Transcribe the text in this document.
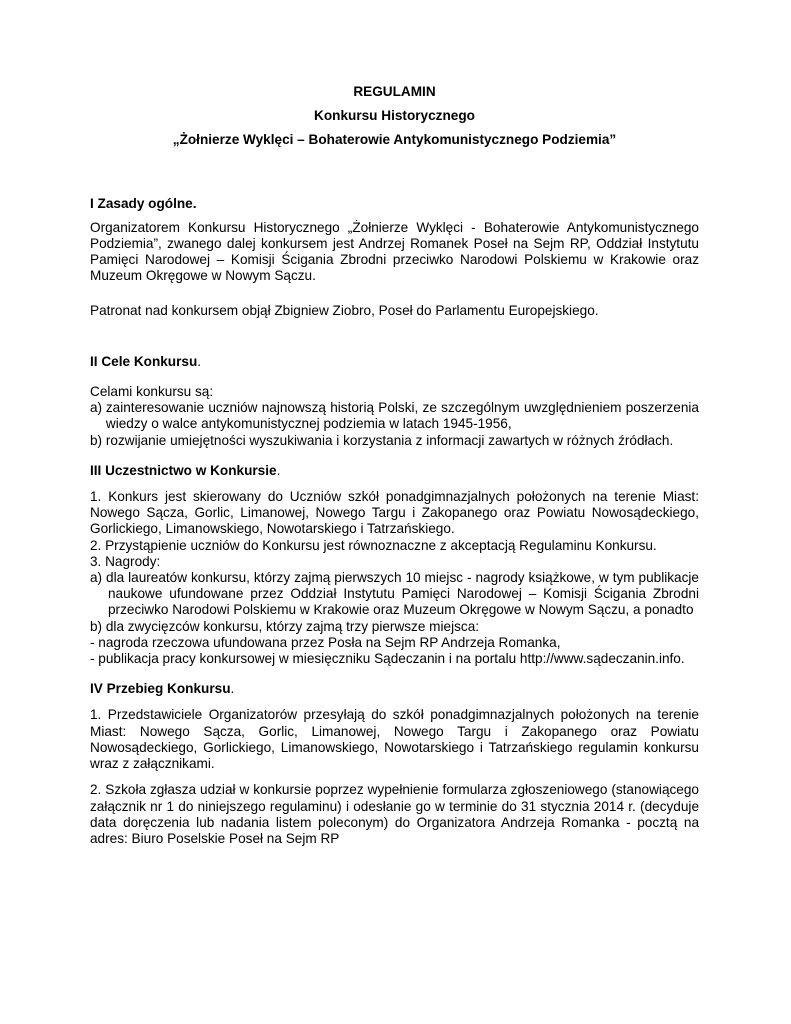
REGULAMIN
Konkursu Historycznego
„Żołnierze Wyklęci – Bohaterowie Antykomunistycznego Podziemia”
I Zasady ogólne.

Organizatorem Konkursu Historycznego „Żołnierze Wyklęci - Bohaterowie Antykomunistycznego Podziemia”, zwanego dalej konkursem jest Andrzej Romanek Poseł na Sejm RP, Oddział Instytutu Pamięci Narodowej – Komisji Ścigania Zbrodni przeciwko Narodowi Polskiemu w Krakowie oraz Muzeum Okręgowe w Nowym Sączu.

Patronat nad konkursem objął Zbigniew Ziobro, Poseł do Parlamentu Europejskiego.

II Cele Konkursu.

Celami konkursu są:

a)
zainteresowanie uczniów najnowszą historią Polski, ze szczególnym uwzględnieniem poszerzenia wiedzy o walce antykomunistycznej podziemia w latach 1945-1956,
b)
rozwijanie umiejętności wyszukiwania i korzystania z informacji zawartych w różnych źródłach.
III Uczestnictwo w Konkursie.

1. Konkurs jest skierowany do Uczniów szkół ponadgimnazjalnych położonych na terenie Miast: Nowego Sącza, Gorlic, Limanowej, Nowego Targu i Zakopanego oraz Powiatu Nowosądeckiego, Gorlickiego, Limanowskiego, Nowotarskiego i Tatrzańskiego.

2. Przystąpienie uczniów do Konkursu jest równoznaczne z akceptacją Regulaminu Konkursu.

3. Nagrody:

a) dla laureatów konkursu, którzy zajmą pierwszych 10 miejsc - nagrody książkowe, w tym publikacje naukowe ufundowane przez Oddział Instytutu Pamięci Narodowej – Komisji Ścigania Zbrodni przeciwko Narodowi Polskiemu w Krakowie oraz Muzeum Okręgowe w Nowym Sączu, a ponadto

b) dla zwycięzców konkursu, którzy zajmą trzy pierwsze miejsca:

- nagroda rzeczowa ufundowana przez Posła na Sejm RP Andrzeja Romanka,

- publikacja pracy konkursowej w miesięczniku Sądeczanin i na portalu http://www.sądeczanin.info.

IV Przebieg Konkursu.

1. Przedstawiciele Organizatorów przesyłają do szkół ponadgimnazjalnych położonych na terenie Miast: Nowego Sącza, Gorlic, Limanowej, Nowego Targu i Zakopanego oraz Powiatu Nowosądeckiego, Gorlickiego, Limanowskiego, Nowotarskiego i Tatrzańskiego regulamin konkursu wraz z załącznikami.

2. Szkoła zgłasza udział w konkursie poprzez wypełnienie formularza zgłoszeniowego (stanowiącego załącznik nr 1 do niniejszego regulaminu) i odesłanie go w terminie do 31 stycznia 2014 r. (decyduje data doręczenia lub nadania listem poleconym) do Organizatora Andrzeja Romanka - pocztą na adres: Biuro Poselskie Poseł na Sejm RP
